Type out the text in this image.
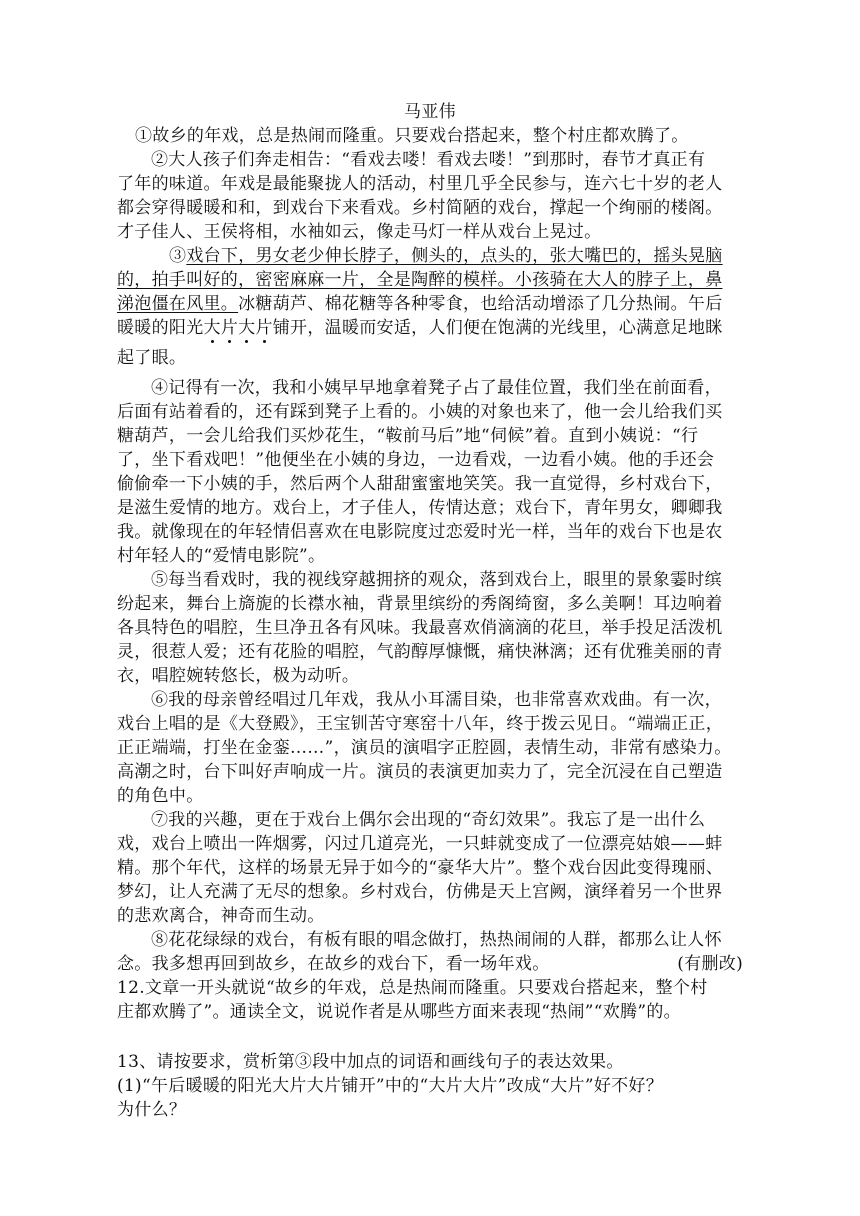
马亚伟
①故乡的年戏，总是热闹而隆重。只要戏台搭起来，整个村庄都欢腾了。
②大人孩子们奔走相告：“看戏去喽！看戏去喽！”到那时，春节才真正有
了年的味道。年戏是最能聚拢人的活动，村里几乎全民参与，连六七十岁的老人
都会穿得暖暖和和，到戏台下来看戏。乡村简陋的戏台，撑起一个绚丽的楼阁。
才子佳人、王侯将相，水袖如云，像走马灯一样从戏台上晃过。
③戏台下，男女老少伸长脖子，侧头的，点头的，张大嘴巴的，摇头晃脑
的，拍手叫好的，密密麻麻一片，全是陶醉的模样。小孩骑在大人的脖子上，鼻
涕泡僵在风里。冰糖葫芦、棉花糖等各种零食，也给活动增添了几分热闹。午后
暖暖的阳光大片大片铺开，温暖而安适，人们便在饱满的光线里，心满意足地眯
起了眼。
④记得有一次，我和小姨早早地拿着凳子占了最佳位置，我们坐在前面看，
后面有站着看的，还有踩到凳子上看的。小姨的对象也来了，他一会儿给我们买
糖葫芦，一会儿给我们买炒花生，“鞍前马后”地“伺候”着。直到小姨说：“行
了，坐下看戏吧！”他便坐在小姨的身边，一边看戏，一边看小姨。他的手还会
偷偷牵一下小姨的手，然后两个人甜甜蜜蜜地笑笑。我一直觉得，乡村戏台下，
是滋生爱情的地方。戏台上，才子佳人，传情达意；戏台下，青年男女，卿卿我
我。就像现在的年轻情侣喜欢在电影院度过恋爱时光一样，当年的戏台下也是农
村年轻人的“爱情电影院”。
⑤每当看戏时，我的视线穿越拥挤的观众，落到戏台上，眼里的景象霎时缤
纷起来，舞台上旖旎的长襟水袖，背景里缤纷的秀阁绮窗，多么美啊！耳边响着
各具特色的唱腔，生旦净丑各有风味。我最喜欢俏滴滴的花旦，举手投足活泼机
灵，很惹人爱；还有花脸的唱腔，气韵醇厚慷慨，痛快淋漓；还有优雅美丽的青
衣，唱腔婉转悠长，极为动听。
⑥我的母亲曾经唱过几年戏，我从小耳濡目染，也非常喜欢戏曲。有一次，
戏台上唱的是《大登殿》，王宝钏苦守寒窑十八年，终于拨云见日。“端端正正，
正正端端，打坐在金銮……”，演员的演唱字正腔圆，表情生动，非常有感染力。
高潮之时，台下叫好声响成一片。演员的表演更加卖力了，完全沉浸在自己塑造
的角色中。
⑦我的兴趣，更在于戏台上偶尔会出现的“奇幻效果”。我忘了是一出什么
戏，戏台上喷出一阵烟雾，闪过几道亮光，一只蚌就变成了一位漂亮姑娘——蚌
精。那个年代，这样的场景无异于如今的“豪华大片”。整个戏台因此变得瑰丽、
梦幻，让人充满了无尽的想象。乡村戏台，仿佛是天上宫阙，演绎着另一个世界
的悲欢离合，神奇而生动。
⑧花花绿绿的戏台，有板有眼的唱念做打，热热闹闹的人群，都那么让人怀
念。我多想再回到故乡，在故乡的戏台下，看一场年戏。	(有删改)
12.文章一开头就说“故乡的年戏，总是热闹而隆重。只要戏台搭起来，整个村
庄都欢腾了”。通读全文，说说作者是从哪些方面来表现“热闹”“欢腾”的。
13、请按要求，赏析第③段中加点的词语和画线句子的表达效果。
(1)“午后暖暖的阳光大片大片铺开”中的“大片大片”改成“大片”好不好？
为什么？
